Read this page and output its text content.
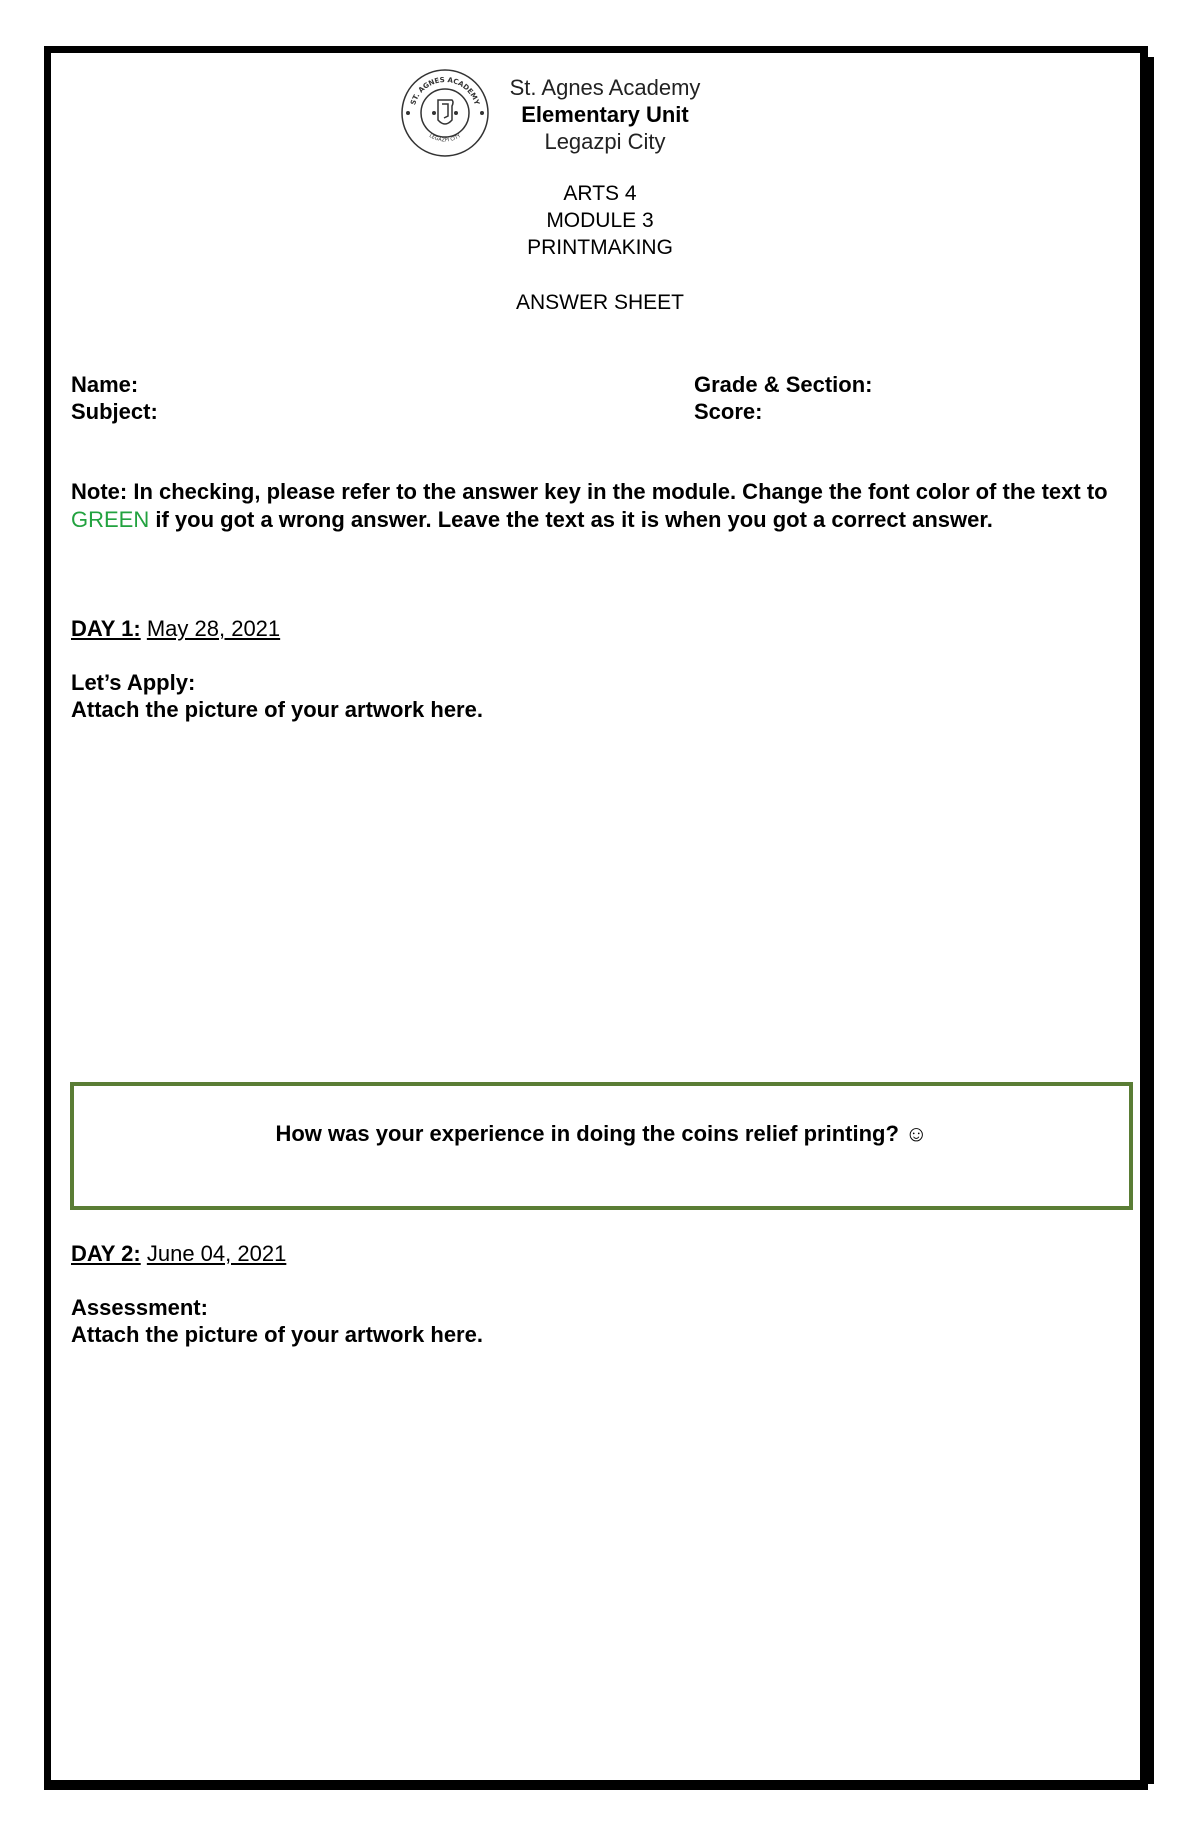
ST. AGNES ACADEMY
LEGAZPI CITY
St. Agnes Academy
Elementary Unit
Legazpi City
ARTS 4
MODULE 3
PRINTMAKING
ANSWER SHEET
Name:
Subject:
Grade & Section:
Score:
Note: In checking, please refer to the answer key in the module. Change the font color of the text to GREEN if you got a wrong answer. Leave the text as it is when you got a correct answer.
DAY 1: May 28, 2021
Let’s Apply:
Attach the picture of your artwork here.
How was your experience in doing the coins relief printing? ☺
DAY 2: June 04, 2021
Assessment:
Attach the picture of your artwork here.
